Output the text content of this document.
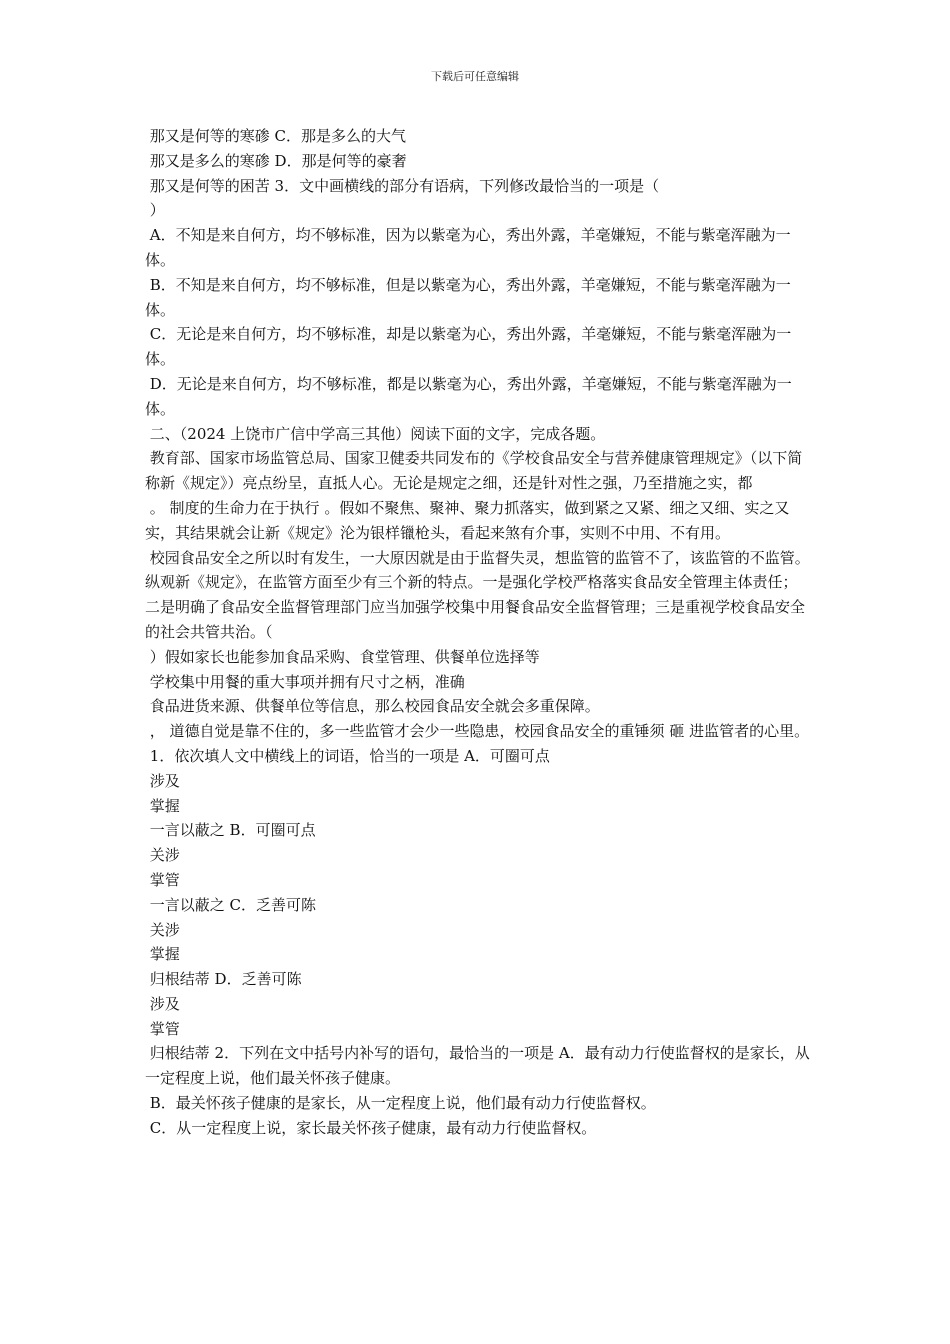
下载后可任意编辑

那又是何等的寒碜 C．那是多么的大气

那又是多么的寒碜 D．那是何等的豪奢

那又是何等的困苦 3．文中画横线的部分有语病，下列修改最恰当的一项是（

）

A．不知是来自何方，均不够标准，因为以紫毫为心，秀出外露，羊毫嫌短，不能与紫毫浑融为一体。

B．不知是来自何方，均不够标准，但是以紫毫为心，秀出外露，羊毫嫌短，不能与紫毫浑融为一体。

C．无论是来自何方，均不够标准，却是以紫毫为心，秀出外露，羊毫嫌短，不能与紫毫浑融为一体。

D．无论是来自何方，均不够标准，都是以紫毫为心，秀出外露，羊毫嫌短，不能与紫毫浑融为一体。

二、（2024 上饶市广信中学高三其他）阅读下面的文字，完成各题。

教育部、国家市场监管总局、国家卫健委共同发布的《学校食品安全与营养健康管理规定》（以下简称新《规定》）亮点纷呈，直抵人心。无论是规定之细，还是针对性之强，乃至措施之实，都

。 制度的生命力在于执行 。假如不聚焦、聚神、聚力抓落实，做到紧之又紧、细之又细、实之又实，其结果就会让新《规定》沦为银样镴枪头，看起来煞有介事，实则不中用、不有用。

校园食品安全之所以时有发生，一大原因就是由于监督失灵，想监管的监管不了，该监管的不监管。纵观新《规定》，在监管方面至少有三个新的特点。一是强化学校严格落实食品安全管理主体责任；二是明确了食品安全监督管理部门应当加强学校集中用餐食品安全监督管理；三是重视学校食品安全的社会共管共治。（

）假如家长也能参加食品采购、食堂管理、供餐单位选择等

学校集中用餐的重大事项并拥有尺寸之柄，准确

食品进货来源、供餐单位等信息，那么校园食品安全就会多重保障。

， 道德自觉是靠不住的，多一些监管才会少一些隐患，校园食品安全的重锤须 砸 进监管者的心里。

1．依次填人文中横线上的词语，恰当的一项是 A．可圈可点

涉及

掌握

一言以蔽之 B．可圈可点

关涉

掌管

一言以蔽之 C．乏善可陈

关涉

掌握

归根结蒂 D．乏善可陈

涉及

掌管

归根结蒂 2．下列在文中括号内补写的语句，最恰当的一项是 A．最有动力行使监督权的是家长，从一定程度上说，他们最关怀孩子健康。

B．最关怀孩子健康的是家长，从一定程度上说，他们最有动力行使监督权。

C．从一定程度上说，家长最关怀孩子健康，最有动力行使监督权。
